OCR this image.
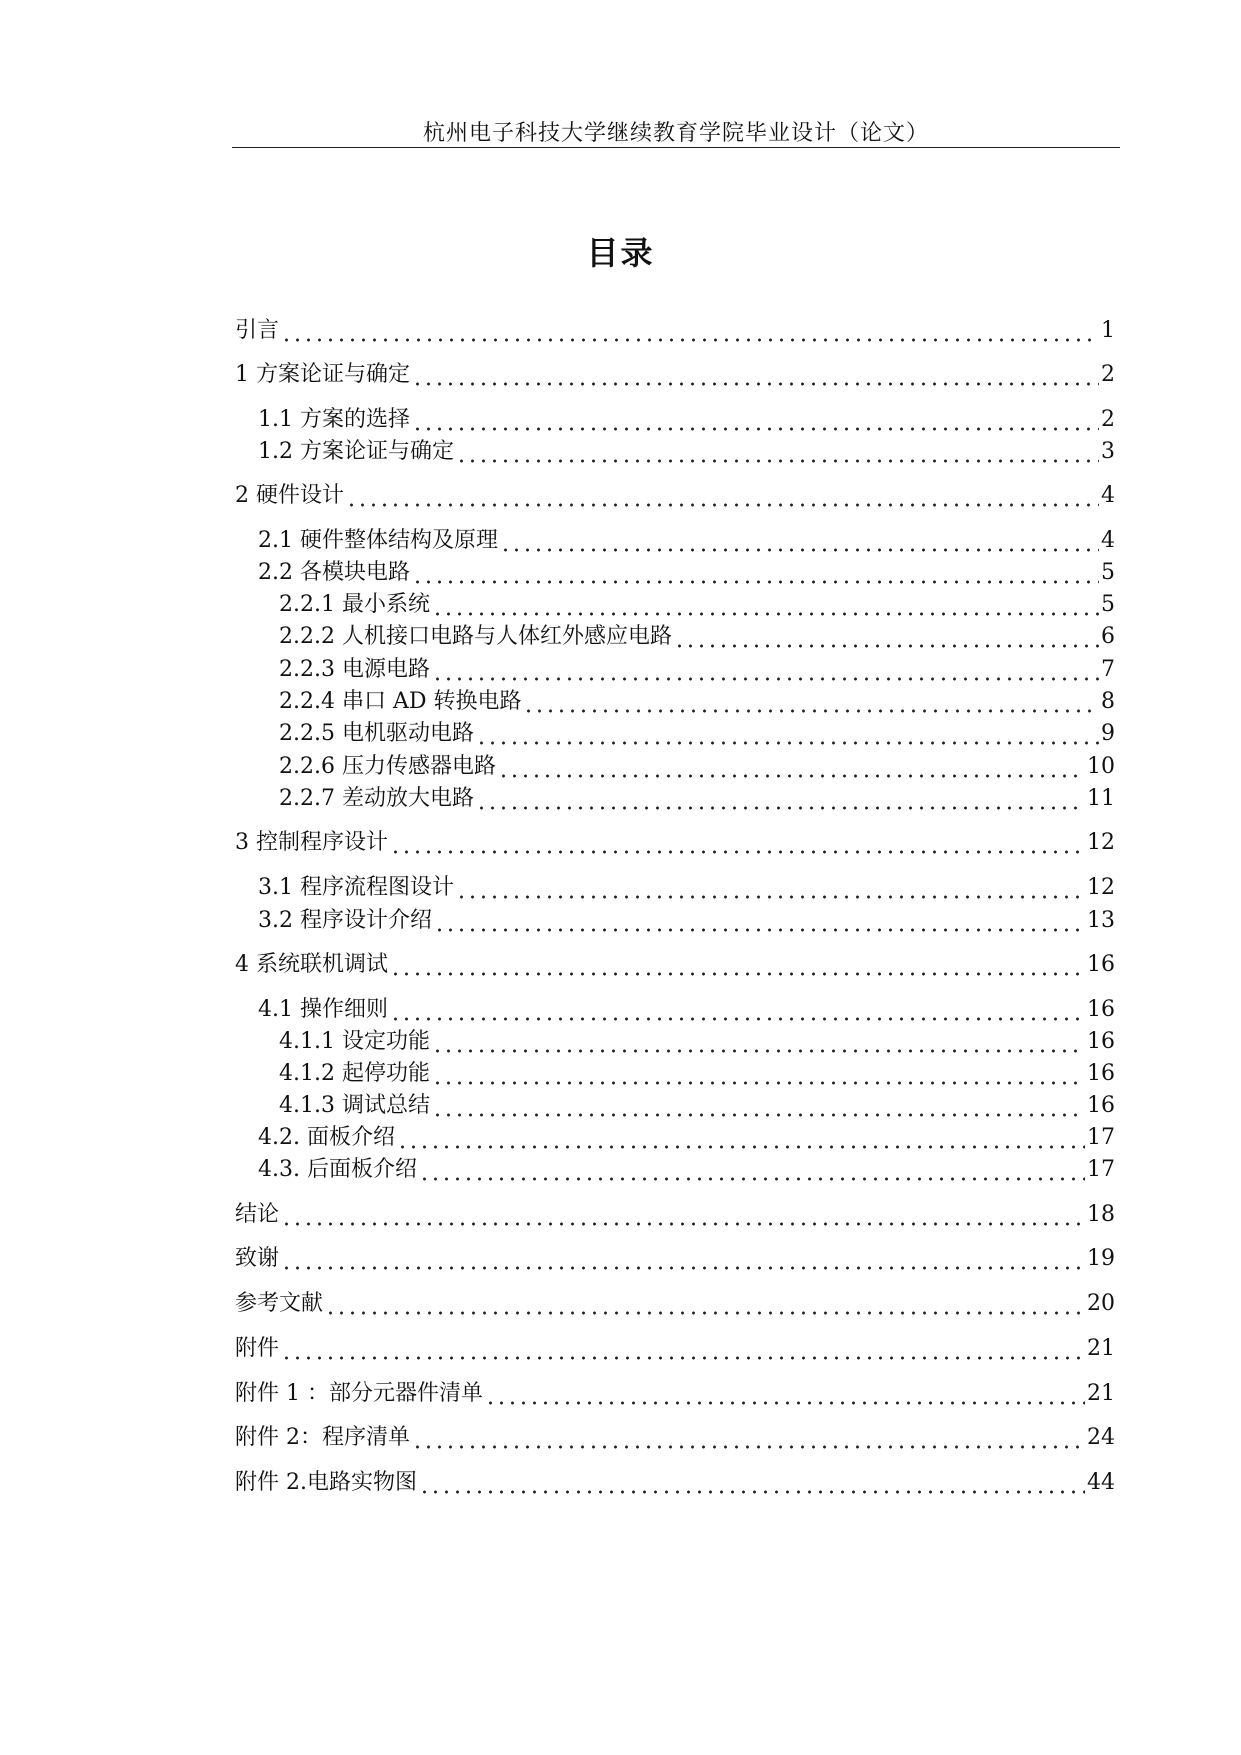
杭州电子科技大学继续教育学院毕业设计（论文）
目录
引言	1
1 方案论证与确定	2
1.1 方案的选择	2
1.2 方案论证与确定	3
2 硬件设计	4
2.1 硬件整体结构及原理	4
2.2 各模块电路	5
2.2.1 最小系统	5
2.2.2 人机接口电路与人体红外感应电路	6
2.2.3 电源电路	7
2.2.4 串口 AD 转换电路	8
2.2.5 电机驱动电路	9
2.2.6 压力传感器电路	10
2.2.7 差动放大电路	11
3 控制程序设计	12
3.1 程序流程图设计	12
3.2 程序设计介绍	13
4 系统联机调试	16
4.1 操作细则	16
4.1.1 设定功能	16
4.1.2 起停功能	16
4.1.3 调试总结	16
4.2. 面板介绍	17
4.3. 后面板介绍	17
结论	18
致谢	19
参考文献	20
附件	21
附件 1 ：部分元器件清单	21
附件 2：程序清单	24
附件 2.电路实物图	44
